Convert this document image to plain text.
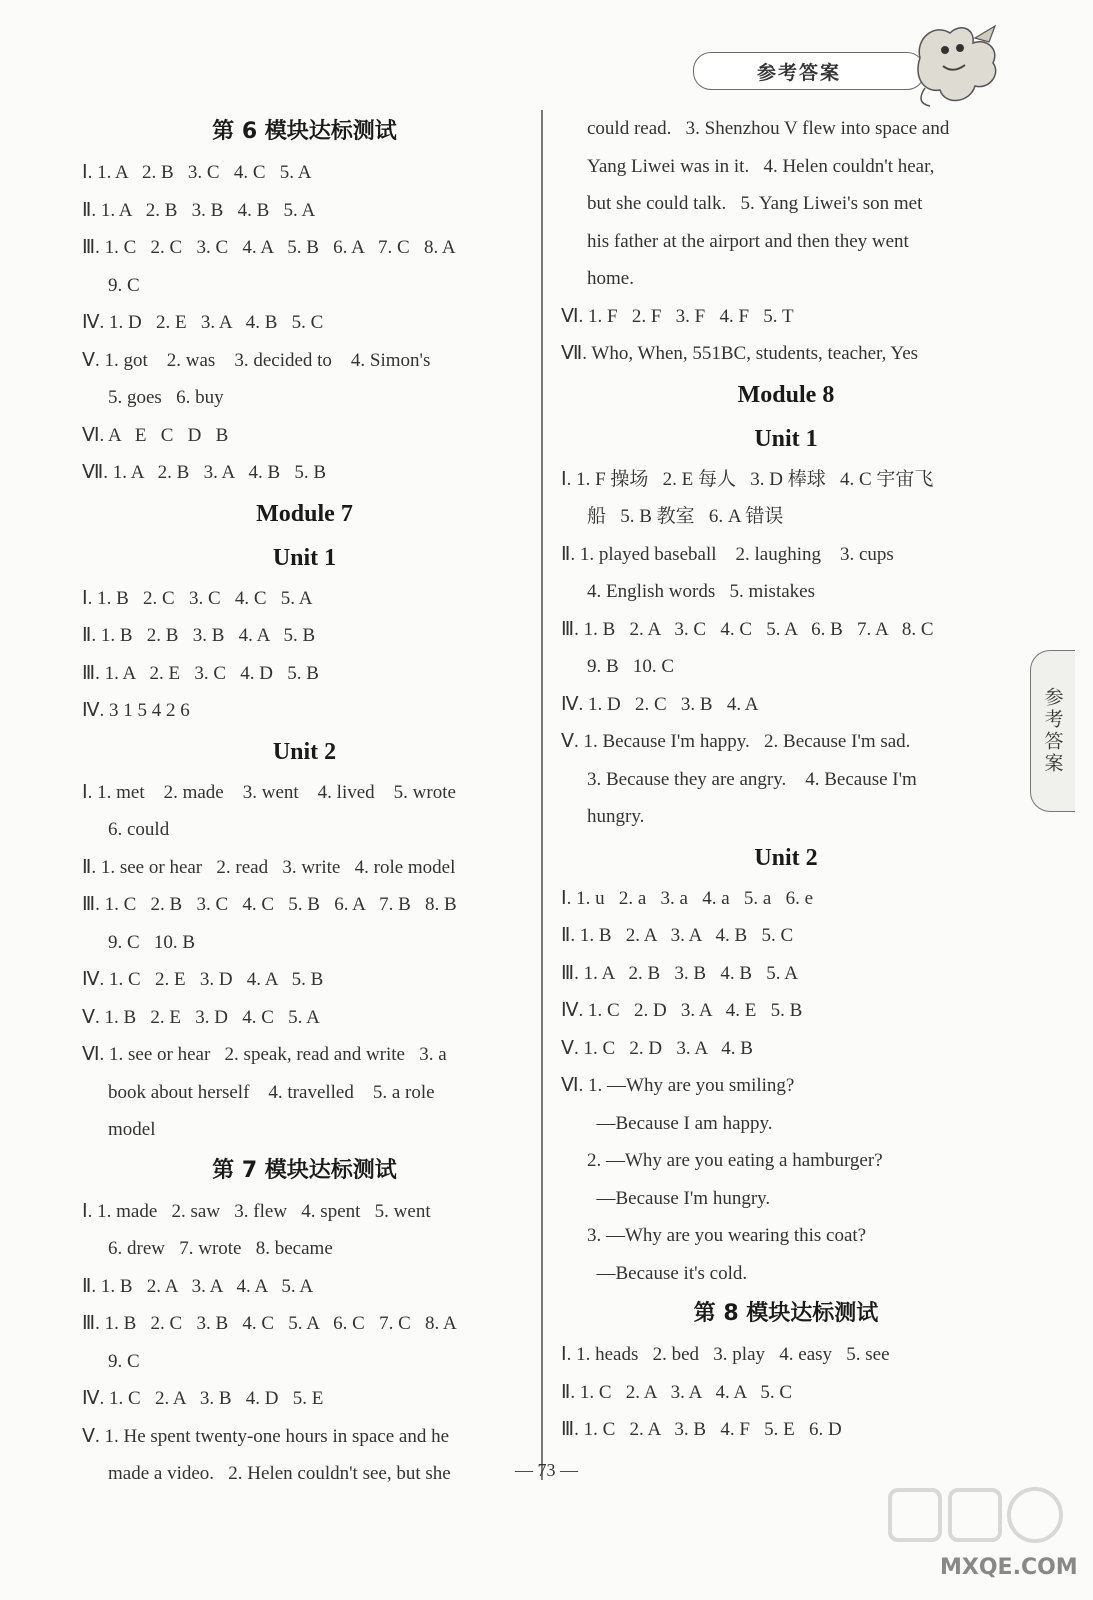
参考答案
参考答案
第 6 模块达标测试
Ⅰ. 1. A   2. B   3. C   4. C   5. A
Ⅱ. 1. A   2. B   3. B   4. B   5. A
Ⅲ. 1. C   2. C   3. C   4. A   5. B   6. A   7. C   8. A
9. C
Ⅳ. 1. D   2. E   3. A   4. B   5. C
Ⅴ. 1. got    2. was    3. decided to    4. Simon's
5. goes   6. buy
Ⅵ. A   E   C   D   B
Ⅶ. 1. A   2. B   3. A   4. B   5. B
Module 7
Unit 1
Ⅰ. 1. B   2. C   3. C   4. C   5. A
Ⅱ. 1. B   2. B   3. B   4. A   5. B
Ⅲ. 1. A   2. E   3. C   4. D   5. B
Ⅳ. 3 1 5 4 2 6
Unit 2
Ⅰ. 1. met    2. made    3. went    4. lived    5. wrote
6. could
Ⅱ. 1. see or hear   2. read   3. write   4. role model
Ⅲ. 1. C   2. B   3. C   4. C   5. B   6. A   7. B   8. B
9. C   10. B
Ⅳ. 1. C   2. E   3. D   4. A   5. B
Ⅴ. 1. B   2. E   3. D   4. C   5. A
Ⅵ. 1. see or hear   2. speak, read and write   3. a
book about herself    4. travelled    5. a role
model
第 7 模块达标测试
Ⅰ. 1. made   2. saw   3. flew   4. spent   5. went
6. drew   7. wrote   8. became
Ⅱ. 1. B   2. A   3. A   4. A   5. A
Ⅲ. 1. B   2. C   3. B   4. C   5. A   6. C   7. C   8. A
9. C
Ⅳ. 1. C   2. A   3. B   4. D   5. E
Ⅴ. 1. He spent twenty-one hours in space and he
made a video.   2. Helen couldn't see, but she
could read.   3. Shenzhou V flew into space and
Yang Liwei was in it.   4. Helen couldn't hear,
but she could talk.   5. Yang Liwei's son met
his father at the airport and then they went
home.
Ⅵ. 1. F   2. F   3. F   4. F   5. T
Ⅶ. Who, When, 551BC, students, teacher, Yes
Module 8
Unit 1
Ⅰ. 1. F 操场   2. E 每人   3. D 棒球   4. C 宇宙飞
船   5. B 教室   6. A 错误
Ⅱ. 1. played baseball    2. laughing    3. cups
4. English words   5. mistakes
Ⅲ. 1. B   2. A   3. C   4. C   5. A   6. B   7. A   8. C
9. B   10. C
Ⅳ. 1. D   2. C   3. B   4. A
Ⅴ. 1. Because I'm happy.   2. Because I'm sad.
3. Because they are angry.    4. Because I'm
hungry.
Unit 2
Ⅰ. 1. u   2. a   3. a   4. a   5. a   6. e
Ⅱ. 1. B   2. A   3. A   4. B   5. C
Ⅲ. 1. A   2. B   3. B   4. B   5. A
Ⅳ. 1. C   2. D   3. A   4. E   5. B
Ⅴ. 1. C   2. D   3. A   4. B
Ⅵ. 1. —Why are you smiling?
—Because I am happy.
2. —Why are you eating a hamburger?
—Because I'm hungry.
3. —Why are you wearing this coat?
—Because it's cold.
第 8 模块达标测试
Ⅰ. 1. heads   2. bed   3. play   4. easy   5. see
Ⅱ. 1. C   2. A   3. A   4. A   5. C
Ⅲ. 1. C   2. A   3. B   4. F   5. E   6. D
— 73 —
MXQE.COM
